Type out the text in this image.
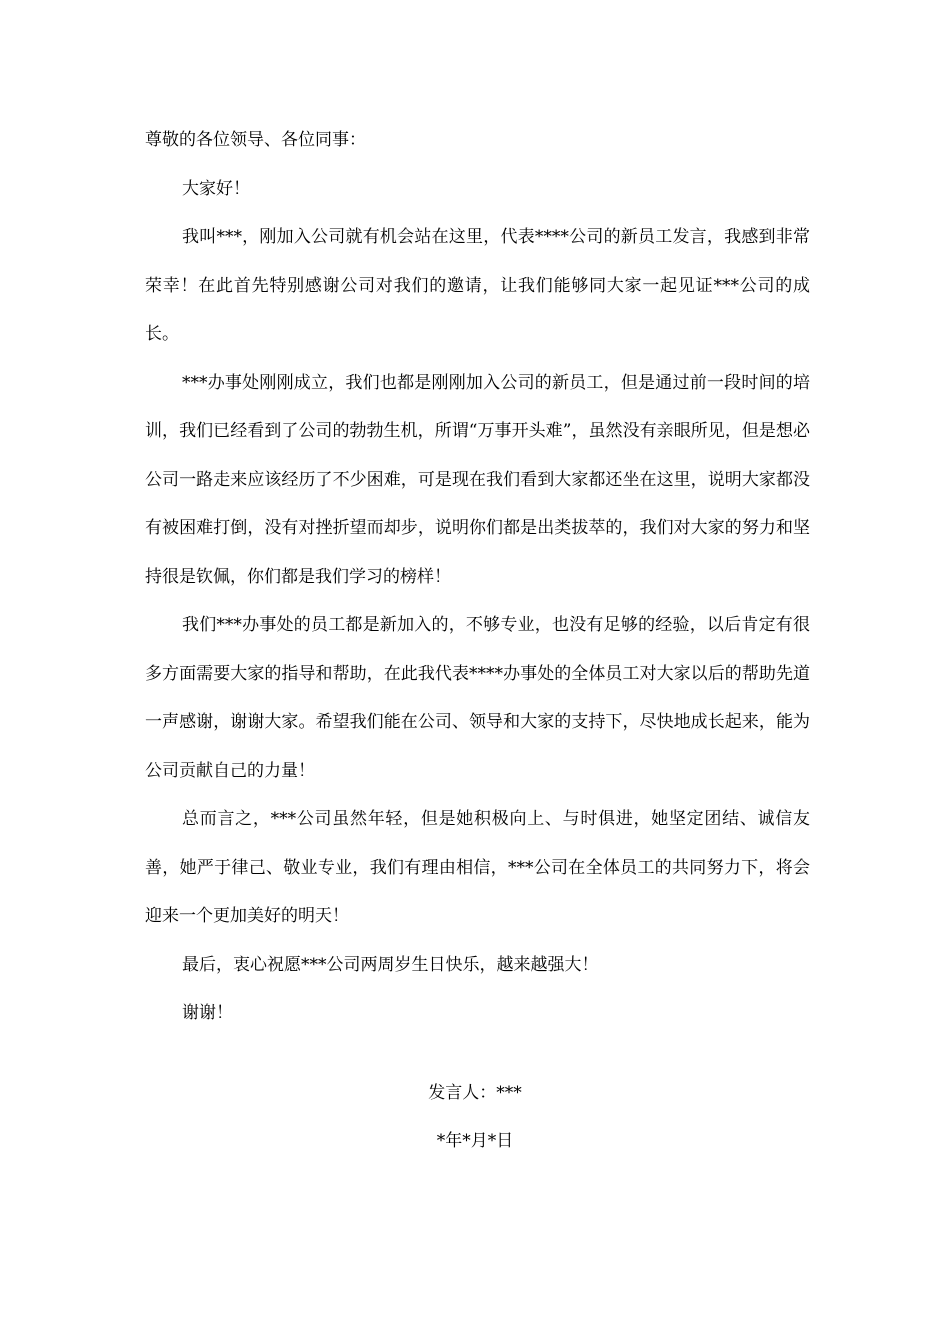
尊敬的各位领导、各位同事：

大家好！

我叫***，刚加入公司就有机会站在这里，代表****公司的新员工发言，我感到非常荣幸！在此首先特别感谢公司对我们的邀请，让我们能够同大家一起见证***公司的成长。

***办事处刚刚成立，我们也都是刚刚加入公司的新员工，但是通过前一段时间的培训，我们已经看到了公司的勃勃生机，所谓“万事开头难”，虽然没有亲眼所见，但是想必公司一路走来应该经历了不少困难，可是现在我们看到大家都还坐在这里，说明大家都没有被困难打倒，没有对挫折望而却步，说明你们都是出类拔萃的，我们对大家的努力和坚持很是钦佩，你们都是我们学习的榜样！

我们***办事处的员工都是新加入的，不够专业，也没有足够的经验，以后肯定有很多方面需要大家的指导和帮助，在此我代表****办事处的全体员工对大家以后的帮助先道一声感谢，谢谢大家。希望我们能在公司、领导和大家的支持下，尽快地成长起来，能为公司贡献自己的力量！

总而言之，***公司虽然年轻，但是她积极向上、与时俱进，她坚定团结、诚信友善，她严于律己、敬业专业，我们有理由相信，***公司在全体员工的共同努力下，将会迎来一个更加美好的明天！

最后，衷心祝愿***公司两周岁生日快乐，越来越强大！

谢谢！

发言人：***
*年*月*日
